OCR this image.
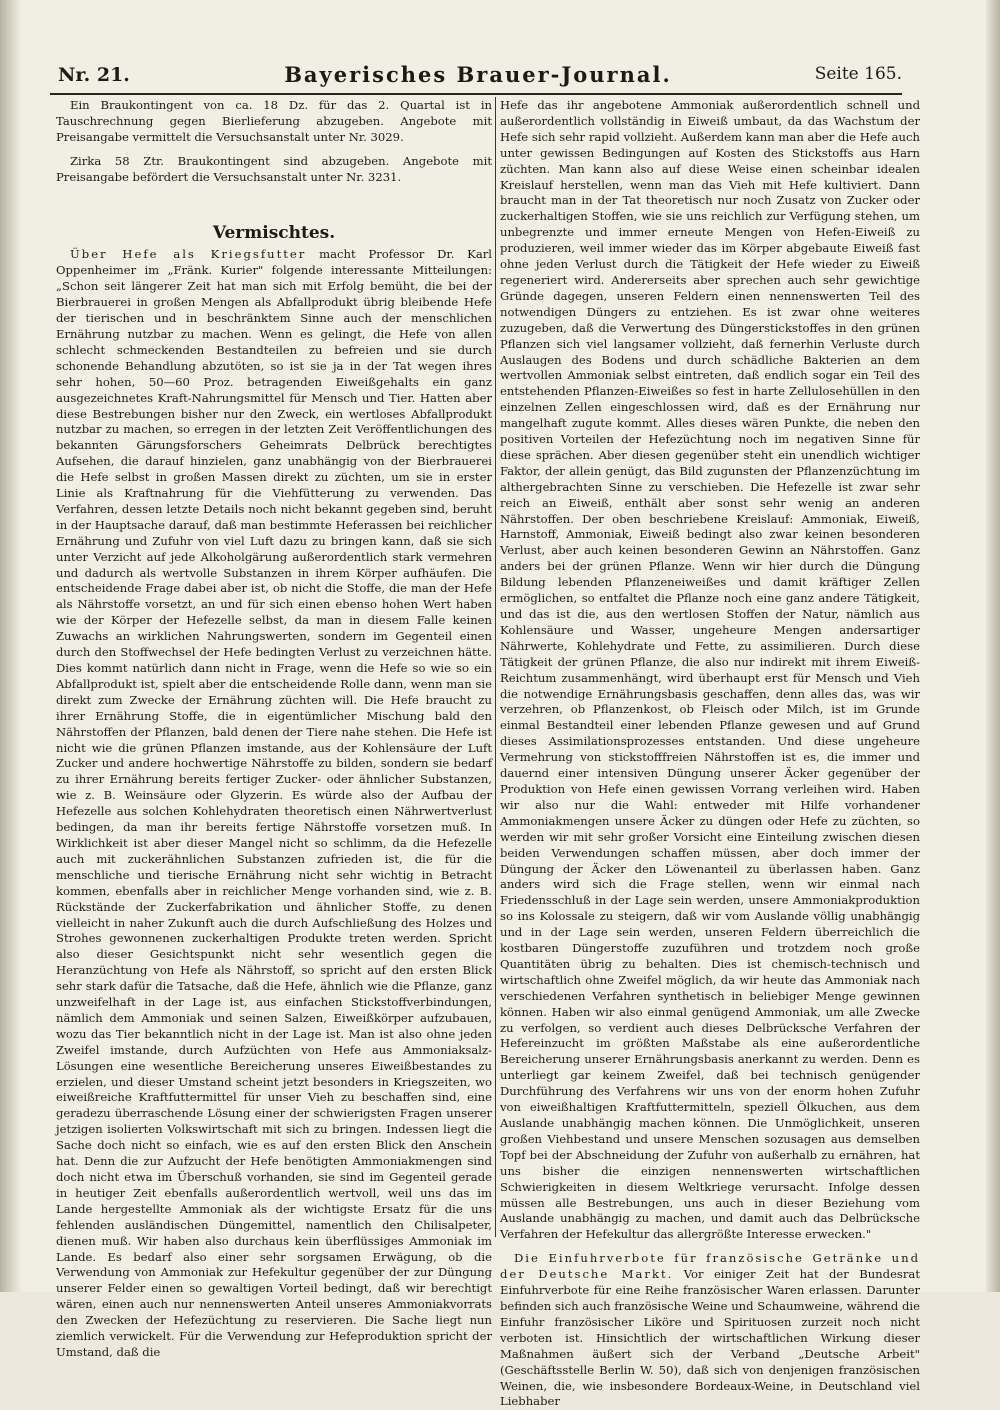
Nr. 21.	Bayerisches Brauer-Journal.	Seite 165.

Ein Braukontingent von ca. 18 Dz. für das 2. Quartal ist in Tauschrechnung gegen Bierlieferung abzugeben. Angebote mit Preisangabe vermittelt die Versuchsanstalt unter Nr. 3029.

Zirka 58 Ztr. Braukontingent sind abzugeben. Angebote mit Preisangabe befördert die Versuchsanstalt unter Nr. 3231.

Vermischtes.

Über Hefe als Kriegsfutter macht Professor Dr. Karl Oppenheimer im „Fränk. Kurier" folgende interessante Mitteilungen: „Schon seit längerer Zeit hat man sich mit Erfolg bemüht, die bei der Bierbrauerei in großen Mengen als Abfallprodukt übrig bleibende Hefe der tierischen und in beschränktem Sinne auch der menschlichen Ernährung nutzbar zu machen. Wenn es gelingt, die Hefe von allen schlecht schmeckenden Bestandteilen zu befreien und sie durch schonende Behandlung abzutöten, so ist sie ja in der Tat wegen ihres sehr hohen, 50—60 Proz. betragenden Eiweißgehalts ein ganz ausgezeichnetes Kraft-Nahrungsmittel für Mensch und Tier. Hatten aber diese Bestrebungen bisher nur den Zweck, ein wertloses Abfallprodukt nutzbar zu machen, so erregen in der letzten Zeit Veröffentlichungen des bekannten Gärungsforschers Geheimrats Delbrück berechtigtes Aufsehen, die darauf hinzielen, ganz unabhängig von der Bierbrauerei die Hefe selbst in großen Massen direkt zu züchten, um sie in erster Linie als Kraftnahrung für die Viehfütterung zu verwenden. Das Verfahren, dessen letzte Details noch nicht bekannt gegeben sind, beruht in der Hauptsache darauf, daß man bestimmte Heferassen bei reichlicher Ernährung und Zufuhr von viel Luft dazu zu bringen kann, daß sie sich unter Verzicht auf jede Alkoholgärung außerordentlich stark vermehren und dadurch als wertvolle Substanzen in ihrem Körper aufhäufen. Die entscheidende Frage dabei aber ist, ob nicht die Stoffe, die man der Hefe als Nährstoffe vorsetzt, an und für sich einen ebenso hohen Wert haben wie der Körper der Hefezelle selbst, da man in diesem Falle keinen Zuwachs an wirklichen Nahrungswerten, sondern im Gegenteil einen durch den Stoffwechsel der Hefe bedingten Verlust zu verzeichnen hätte. Dies kommt natürlich dann nicht in Frage, wenn die Hefe so wie so ein Abfallprodukt ist, spielt aber die entscheidende Rolle dann, wenn man sie direkt zum Zwecke der Ernährung züchten will. Die Hefe braucht zu ihrer Ernährung Stoffe, die in eigentümlicher Mischung bald den Nährstoffen der Pflanzen, bald denen der Tiere nahe stehen. Die Hefe ist nicht wie die grünen Pflanzen imstande, aus der Kohlensäure der Luft Zucker und andere hochwertige Nährstoffe zu bilden, sondern sie bedarf zu ihrer Ernährung bereits fertiger Zucker- oder ähnlicher Substanzen, wie z. B. Weinsäure oder Glyzerin. Es würde also der Aufbau der Hefezelle aus solchen Kohlehydraten theoretisch einen Nährwertverlust bedingen, da man ihr bereits fertige Nährstoffe vorsetzen muß. In Wirklichkeit ist aber dieser Mangel nicht so schlimm, da die Hefezelle auch mit zuckerähnlichen Substanzen zufrieden ist, die für die menschliche und tierische Ernährung nicht sehr wichtig in Betracht kommen, ebenfalls aber in reichlicher Menge vorhanden sind, wie z. B. Rückstände der Zuckerfabrikation und ähnlicher Stoffe, zu denen vielleicht in naher Zukunft auch die durch Aufschließung des Holzes und Strohes gewonnenen zuckerhaltigen Produkte treten werden. Spricht also dieser Gesichtspunkt nicht sehr wesentlich gegen die Heranzüchtung von Hefe als Nährstoff, so spricht auf den ersten Blick sehr stark dafür die Tatsache, daß die Hefe, ähnlich wie die Pflanze, ganz unzweifelhaft in der Lage ist, aus einfachen Stickstoffverbindungen, nämlich dem Ammoniak und seinen Salzen, Eiweißkörper aufzubauen, wozu das Tier bekanntlich nicht in der Lage ist. Man ist also ohne jeden Zweifel imstande, durch Aufzüchten von Hefe aus Ammoniaksalz-Lösungen eine wesentliche Bereicherung unseres Eiweißbestandes zu erzielen, und dieser Umstand scheint jetzt besonders in Kriegszeiten, wo eiweißreiche Kraftfuttermittel für unser Vieh zu beschaffen sind, eine geradezu überraschende Lösung einer der schwierigsten Fragen unserer jetzigen isolierten Volkswirtschaft mit sich zu bringen. Indessen liegt die Sache doch nicht so einfach, wie es auf den ersten Blick den Anschein hat. Denn die zur Aufzucht der Hefe benötigten Ammoniakmengen sind doch nicht etwa im Überschuß vorhanden, sie sind im Gegenteil gerade in heutiger Zeit ebenfalls außerordentlich wertvoll, weil uns das im Lande hergestellte Ammoniak als der wichtigste Ersatz für die uns fehlenden ausländischen Düngemittel, namentlich den Chilisalpeter, dienen muß. Wir haben also durchaus kein überflüssiges Ammoniak im Lande. Es bedarf also einer sehr sorgsamen Erwägung, ob die Verwendung von Ammoniak zur Hefekultur gegenüber der zur Düngung unserer Felder einen so gewaltigen Vorteil bedingt, daß wir berechtigt wären, einen auch nur nennenswerten Anteil unseres Ammoniakvorrats den Zwecken der Hefezüchtung zu reservieren. Die Sache liegt nun ziemlich verwickelt. Für die Verwendung zur Hefeproduktion spricht der Umstand, daß die

Hefe das ihr angebotene Ammoniak außerordentlich schnell und außerordentlich vollständig in Eiweiß umbaut, da das Wachstum der Hefe sich sehr rapid vollzieht. Außerdem kann man aber die Hefe auch unter gewissen Bedingungen auf Kosten des Stickstoffs aus Harn züchten. Man kann also auf diese Weise einen scheinbar idealen Kreislauf herstellen, wenn man das Vieh mit Hefe kultiviert. Dann braucht man in der Tat theoretisch nur noch Zusatz von Zucker oder zuckerhaltigen Stoffen, wie sie uns reichlich zur Verfügung stehen, um unbegrenzte und immer erneute Mengen von Hefen-Eiweiß zu produzieren, weil immer wieder das im Körper abgebaute Eiweiß fast ohne jeden Verlust durch die Tätigkeit der Hefe wieder zu Eiweiß regeneriert wird. Andererseits aber sprechen auch sehr gewichtige Gründe dagegen, unseren Feldern einen nennenswerten Teil des notwendigen Düngers zu entziehen. Es ist zwar ohne weiteres zuzugeben, daß die Verwertung des Düngerstickstoffes in den grünen Pflanzen sich viel langsamer vollzieht, daß fernerhin Verluste durch Auslaugen des Bodens und durch schädliche Bakterien an dem wertvollen Ammoniak selbst eintreten, daß endlich sogar ein Teil des entstehenden Pflanzen-Eiweißes so fest in harte Zellulosehüllen in den einzelnen Zellen eingeschlossen wird, daß es der Ernährung nur mangelhaft zugute kommt. Alles dieses wären Punkte, die neben den positiven Vorteilen der Hefezüchtung noch im negativen Sinne für diese sprächen. Aber diesen gegenüber steht ein unendlich wichtiger Faktor, der allein genügt, das Bild zugunsten der Pflanzenzüchtung im althergebrachten Sinne zu verschieben. Die Hefezelle ist zwar sehr reich an Eiweiß, enthält aber sonst sehr wenig an anderen Nährstoffen. Der oben beschriebene Kreislauf: Ammoniak, Eiweiß, Harnstoff, Ammoniak, Eiweiß bedingt also zwar keinen besonderen Verlust, aber auch keinen besonderen Gewinn an Nährstoffen. Ganz anders bei der grünen Pflanze. Wenn wir hier durch die Düngung Bildung lebenden Pflanzeneiweißes und damit kräftiger Zellen ermöglichen, so entfaltet die Pflanze noch eine ganz andere Tätigkeit, und das ist die, aus den wertlosen Stoffen der Natur, nämlich aus Kohlensäure und Wasser, ungeheure Mengen andersartiger Nährwerte, Kohlehydrate und Fette, zu assimilieren. Durch diese Tätigkeit der grünen Pflanze, die also nur indirekt mit ihrem Eiweiß-Reichtum zusammenhängt, wird überhaupt erst für Mensch und Vieh die notwendige Ernährungsbasis geschaffen, denn alles das, was wir verzehren, ob Pflanzenkost, ob Fleisch oder Milch, ist im Grunde einmal Bestandteil einer lebenden Pflanze gewesen und auf Grund dieses Assimilationsprozesses entstanden. Und diese ungeheure Vermehrung von stickstofffreien Nährstoffen ist es, die immer und dauernd einer intensiven Düngung unserer Äcker gegenüber der Produktion von Hefe einen gewissen Vorrang verleihen wird. Haben wir also nur die Wahl: entweder mit Hilfe vorhandener Ammoniakmengen unsere Äcker zu düngen oder Hefe zu züchten, so werden wir mit sehr großer Vorsicht eine Einteilung zwischen diesen beiden Verwendungen schaffen müssen, aber doch immer der Düngung der Äcker den Löwenanteil zu überlassen haben. Ganz anders wird sich die Frage stellen, wenn wir einmal nach Friedensschluß in der Lage sein werden, unsere Ammoniakproduktion so ins Kolossale zu steigern, daß wir vom Auslande völlig unabhängig und in der Lage sein werden, unseren Feldern überreichlich die kostbaren Düngerstoffe zuzuführen und trotzdem noch große Quantitäten übrig zu behalten. Dies ist chemisch-technisch und wirtschaftlich ohne Zweifel möglich, da wir heute das Ammoniak nach verschiedenen Verfahren synthetisch in beliebiger Menge gewinnen können. Haben wir also einmal genügend Ammoniak, um alle Zwecke zu verfolgen, so verdient auch dieses Delbrücksche Verfahren der Hefereinzucht im größten Maßstabe als eine außerordentliche Bereicherung unserer Ernährungsbasis anerkannt zu werden. Denn es unterliegt gar keinem Zweifel, daß bei technisch genügender Durchführung des Verfahrens wir uns von der enorm hohen Zufuhr von eiweißhaltigen Kraftfuttermitteln, speziell Ölkuchen, aus dem Auslande unabhängig machen können. Die Unmöglichkeit, unseren großen Viehbestand und unsere Menschen sozusagen aus demselben Topf bei der Abschneidung der Zufuhr von außerhalb zu ernähren, hat uns bisher die einzigen nennenswerten wirtschaftlichen Schwierigkeiten in diesem Weltkriege verursacht. Infolge dessen müssen alle Bestrebungen, uns auch in dieser Beziehung vom Auslande unabhängig zu machen, und damit auch das Delbrücksche Verfahren der Hefekultur das allergrößte Interesse erwecken."

Die Einfuhrverbote für französische Getränke und der Deutsche Markt. Vor einiger Zeit hat der Bundesrat Einfuhrverbote für eine Reihe französischer Waren erlassen. Darunter befinden sich auch französische Weine und Schaumweine, während die Einfuhr französischer Liköre und Spirituosen zurzeit noch nicht verboten ist. Hinsichtlich der wirtschaftlichen Wirkung dieser Maßnahmen äußert sich der Verband „Deutsche Arbeit" (Geschäftsstelle Berlin W. 50), daß sich von denjenigen französischen Weinen, die, wie insbesondere Bordeaux-Weine, in Deutschland viel Liebhaber
